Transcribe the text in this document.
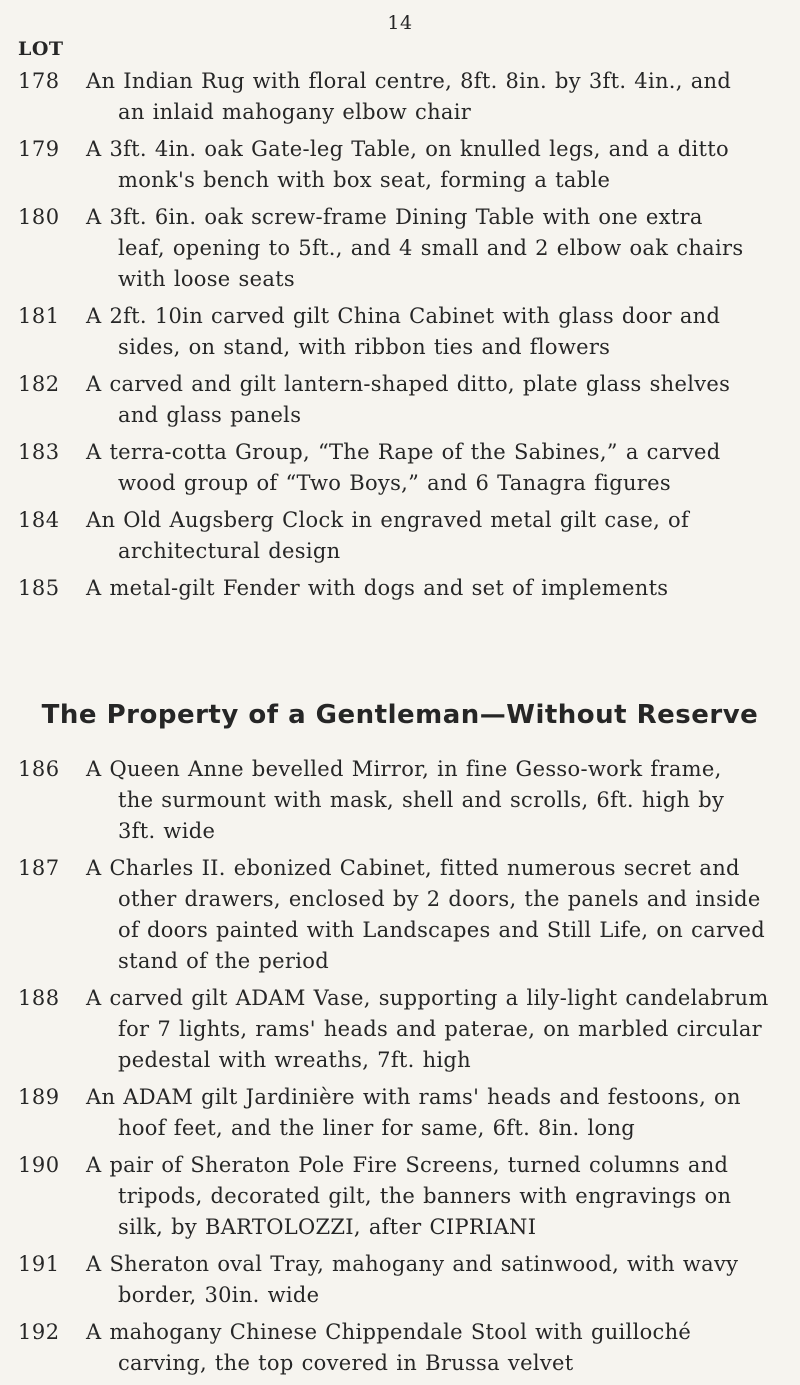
14
LOT
178	An Indian Rug with floral centre, 8ft. 8in. by 3ft. 4in., and
an inlaid mahogany elbow chair
179	A 3ft. 4in. oak Gate-leg Table, on knulled legs, and a ditto
monk's bench with box seat, forming a table
180	A 3ft. 6in. oak screw-frame Dining Table with one extra
leaf, opening to 5ft., and 4 small and 2 elbow oak chairs
with loose seats
181	A 2ft. 10in carved gilt China Cabinet with glass door and
sides, on stand, with ribbon ties and flowers
182	A carved and gilt lantern-shaped ditto, plate glass shelves
and glass panels
183	A terra-cotta Group, “The Rape of the Sabines,” a carved
wood group of “Two Boys,” and 6 Tanagra figures
184	An Old Augsberg Clock in engraved metal gilt case, of
architectural design
185	A metal-gilt Fender with dogs and set of implements
The Property of a Gentleman—Without Reserve
186	A Queen Anne bevelled Mirror, in fine Gesso-work frame,
the surmount with mask, shell and scrolls, 6ft. high by
3ft. wide
187	A Charles II. ebonized Cabinet, fitted numerous secret and
other drawers, enclosed by 2 doors, the panels and inside
of doors painted with Landscapes and Still Life, on carved
stand of the period
188	A carved gilt ADAM Vase, supporting a lily-light candelabrum
for 7 lights, rams' heads and paterae, on marbled circular
pedestal with wreaths, 7ft. high
189	An ADAM gilt Jardinière with rams' heads and festoons, on
hoof feet, and the liner for same, 6ft. 8in. long
190	A pair of Sheraton Pole Fire Screens, turned columns and
tripods, decorated gilt, the banners with engravings on
silk, by BARTOLOZZI, after CIPRIANI
191	A Sheraton oval Tray, mahogany and satinwood, with wavy
border, 30in. wide
192	A mahogany Chinese Chippendale Stool with guilloché
carving, the top covered in Brussa velvet
